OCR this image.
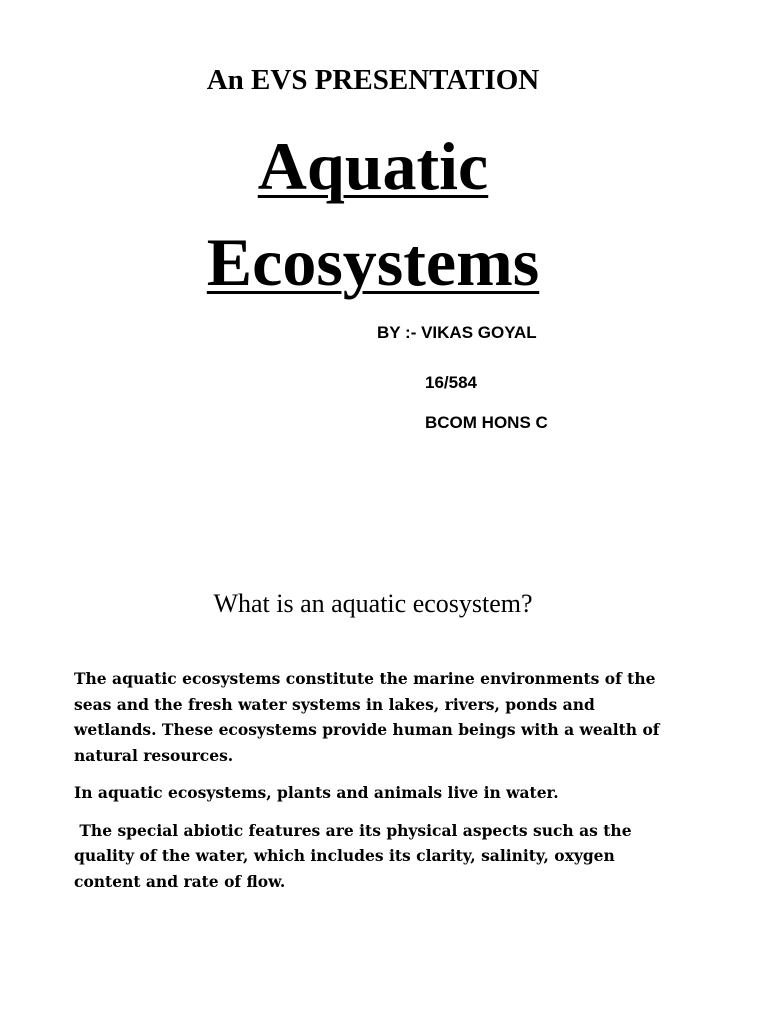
An EVS PRESENTATION
Aquatic
Ecosystems

BY :- VIKAS GOYAL

16/584

BCOM HONS C

What is an aquatic ecosystem?

The aquatic ecosystems constitute the marine environments of the seas and the fresh water systems in lakes, rivers, ponds and wetlands. These ecosystems provide human beings with a wealth of natural resources.

In aquatic ecosystems, plants and animals live in water.

The special abiotic features are its physical aspects such as the quality of the water, which includes its clarity, salinity, oxygen content and rate of flow.
